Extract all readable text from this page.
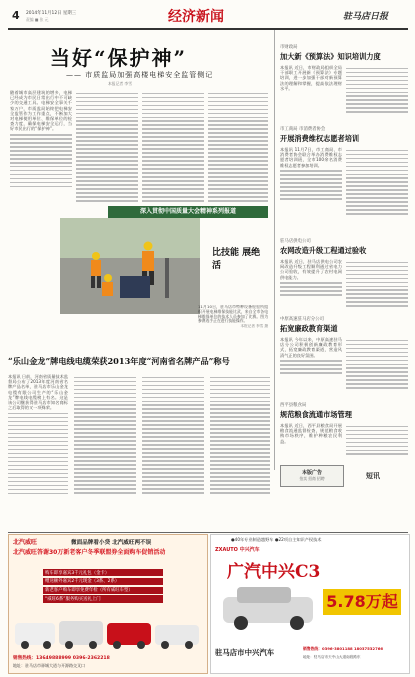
4 2014年11月12日 星期三
责编 ■ 张 元	经济新闻	驻马店日报
当好“保护神”
—— 市质监局加强高楼电梯安全监管侧记
本报记者 李雪
随着城市高层建筑的增多，电梯已经成为市民日常出行中不可缺少的交通工具。电梯安全事关千家万户，市质监局始终把电梯安全监管作为工作重点，不断加大对电梯使用单位、维保单位的检查力度，确保电梯安全运行，当好市民出行的“保护神”。
深入贯彻中国质量大会精神系列报道
比技能 展绝活
11月10日，驻马店市特种设备检验所组织开展电梯维保技能比武，来自全市各电梯维保单位的技术人员参加了比赛。图为参赛选手正在进行技能操作。
本报记者 李雪 摄
“乐山金龙”牌电线电缆荣获2013年度“河南省名牌产品”称号
本报讯 日前，河南省质量技术监督局公布了2013年度河南省名牌产品名单，驻马店市乐山金龙电缆有限公司生产的“乐山金龙”牌电线电缆榜上有名。这是该公司继获得驻马店市知名商标之后取得的又一项殊荣。
市财政局
加大新《预算法》知识培训力度
本报讯 近日，市财政局组织全局干部职工开展新《预算法》专题培训，进一步加强干部对新预算法的理解和掌握，提高依法理财水平。
市工商局 市消费者协会
开展消费维权志愿者培训
本报讯 11月7日，市工商局、市消费者协会联合举办消费维权志愿者培训班，全市100余名消费维权志愿者参加培训。
驻马店供电公司
农网改造升级工程通过验收
本报讯 近日，驻马店供电公司农网改造升级工程顺利通过省电力公司验收，有效提升了农村电网供电能力。
中原高速驻马店分公司
拓宽廉政教育渠道
本报讯 今年以来，中原高速驻马店分公司积极创新廉政教育形式，拓宽廉政教育渠道，营造风清气正的良好氛围。
西平县粮食局
规范粮食流通市场管理
本报讯 近日，西平县粮食局开展粮食流通监督检查，规范粮食收购市场秩序，维护种粮农民利益。
本版广告
拍卖 招商 招聘	短讯
北汽威旺	微面品牌看小贷 北汽威旺两不误
北汽威旺答谢30万新老客户冬季联盟券全面购车促销活动
购车即享嘉宾3千元礼包（金卡）
赠送额外嘉宾2千元现金（3系、2系）
新老客户购车即享免费年检（所有威旺车型）
“威旺6系”服务购买送礼上门
销售热线：13649888999 0396-2362218
地址：驻马店市驿城大道与开源路交叉口
●40年专业制造越野车 ●22项自主知识产权技术
ZXAUTO 中兴汽车
广汽中兴C3
5.78万起
驻马店市中兴汽车	销售热线：0396-3801188 18037532766
地址：驻马店市天中山大道南段路东
